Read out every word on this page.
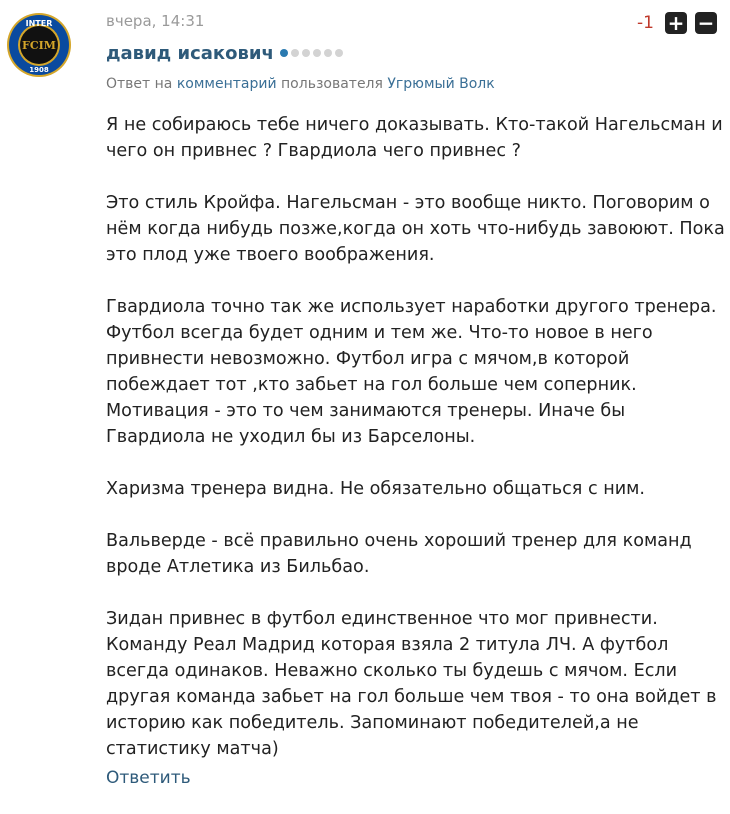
INTER
1908
FCIM
вчера, 14:31	-1 + −
давид исакович
Ответ на комментарий пользователя Угрюмый Волк

Я не собираюсь тебе ничего доказывать. Кто-такой Нагельсман и чего он привнес ? Гвардиола чего привнес ?

Это стиль Кройфа. Нагельсман - это вообще никто. Поговорим о нём когда нибудь позже,когда он хоть что-нибудь завоюют. Пока это плод уже твоего воображения.

Гвардиола точно так же использует наработки другого тренера. Футбол всегда будет одним и тем же. Что-то новое в него привнести невозможно. Футбол игра с мячом,в которой побеждает тот ,кто забьет на гол больше чем соперник. Мотивация - это то чем занимаются тренеры. Иначе бы Гвардиола не уходил бы из Барселоны.

Харизма тренера видна. Не обязательно общаться с ним.

Вальверде - всё правильно очень хороший тренер для команд вроде Атлетика из Бильбао.

Зидан привнес в футбол единственное что мог привнести. Команду Реал Мадрид которая взяла 2 титула ЛЧ. А футбол всегда одинаков. Неважно сколько ты будешь с мячом. Если другая команда забьет на гол больше чем твоя - то она войдет в историю как победитель. Запоминают победителей,а не статистику матча)

Ответить
